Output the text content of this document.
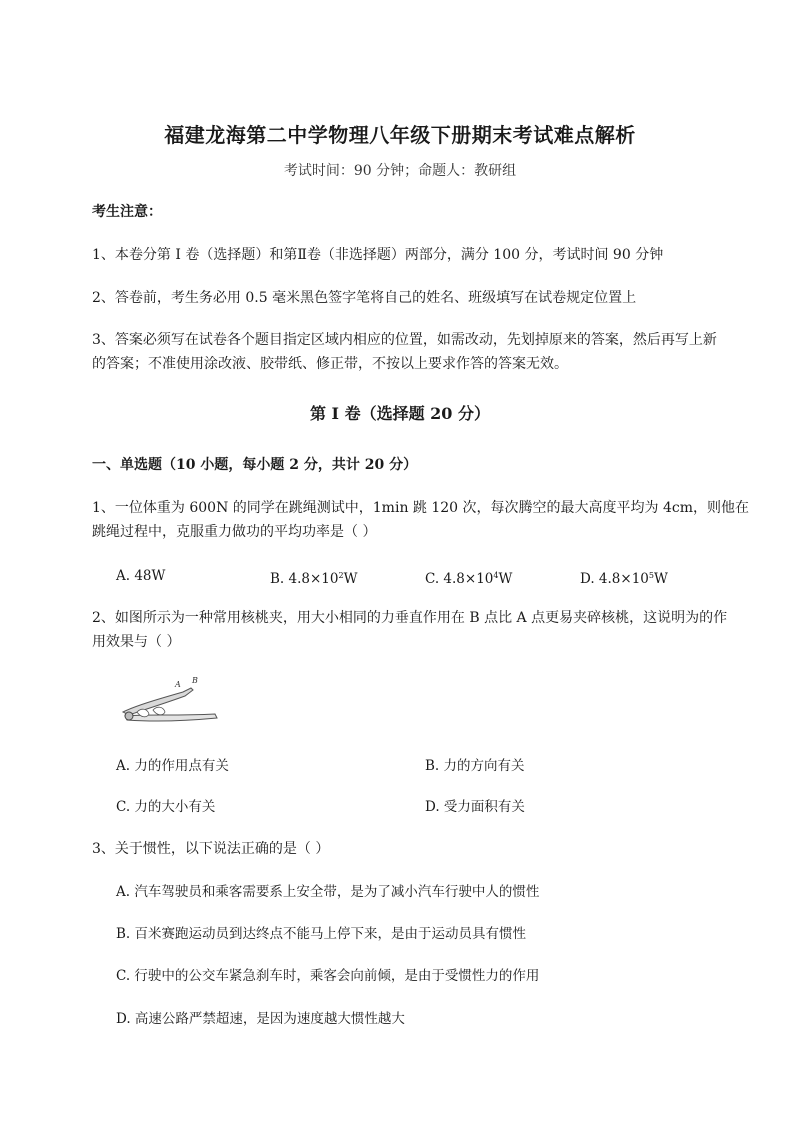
福建龙海第二中学物理八年级下册期末考试难点解析
考试时间：90 分钟；命题人：教研组
考生注意：
1、本卷分第 I 卷（选择题）和第Ⅱ卷（非选择题）两部分，满分 100 分，考试时间 90 分钟
2、答卷前，考生务必用 0.5 毫米黑色签字笔将自己的姓名、班级填写在试卷规定位置上
3、答案必须写在试卷各个题目指定区域内相应的位置，如需改动，先划掉原来的答案，然后再写上新
的答案；不准使用涂改液、胶带纸、修正带，不按以上要求作答的答案无效。
第 I 卷（选择题 20 分）
一、单选题（10 小题，每小题 2 分，共计 20 分）
1、一位体重为 600N 的同学在跳绳测试中，1min 跳 120 次，每次腾空的最大高度平均为 4cm，则他在
跳绳过程中，克服重力做功的平均功率是（ ）
A. 48W	B. $4.8\times 10^2W$	C. $4.8\times 10^4W$	D. $4.8\times 10^5W$
2、如图所示为一种常用核桃夹，用大小相同的力垂直作用在 B 点比 A 点更易夹碎核桃，这说明为的作
用效果与（ ）
A B
A. 力的作用点有关	B. 力的方向有关
C. 力的大小有关	D. 受力面积有关
3、关于惯性，以下说法正确的是（ ）
A. 汽车驾驶员和乘客需要系上安全带，是为了减小汽车行驶中人的惯性
B. 百米赛跑运动员到达终点不能马上停下来，是由于运动员具有惯性
C. 行驶中的公交车紧急刹车时，乘客会向前倾，是由于受惯性力的作用
D. 高速公路严禁超速，是因为速度越大惯性越大
